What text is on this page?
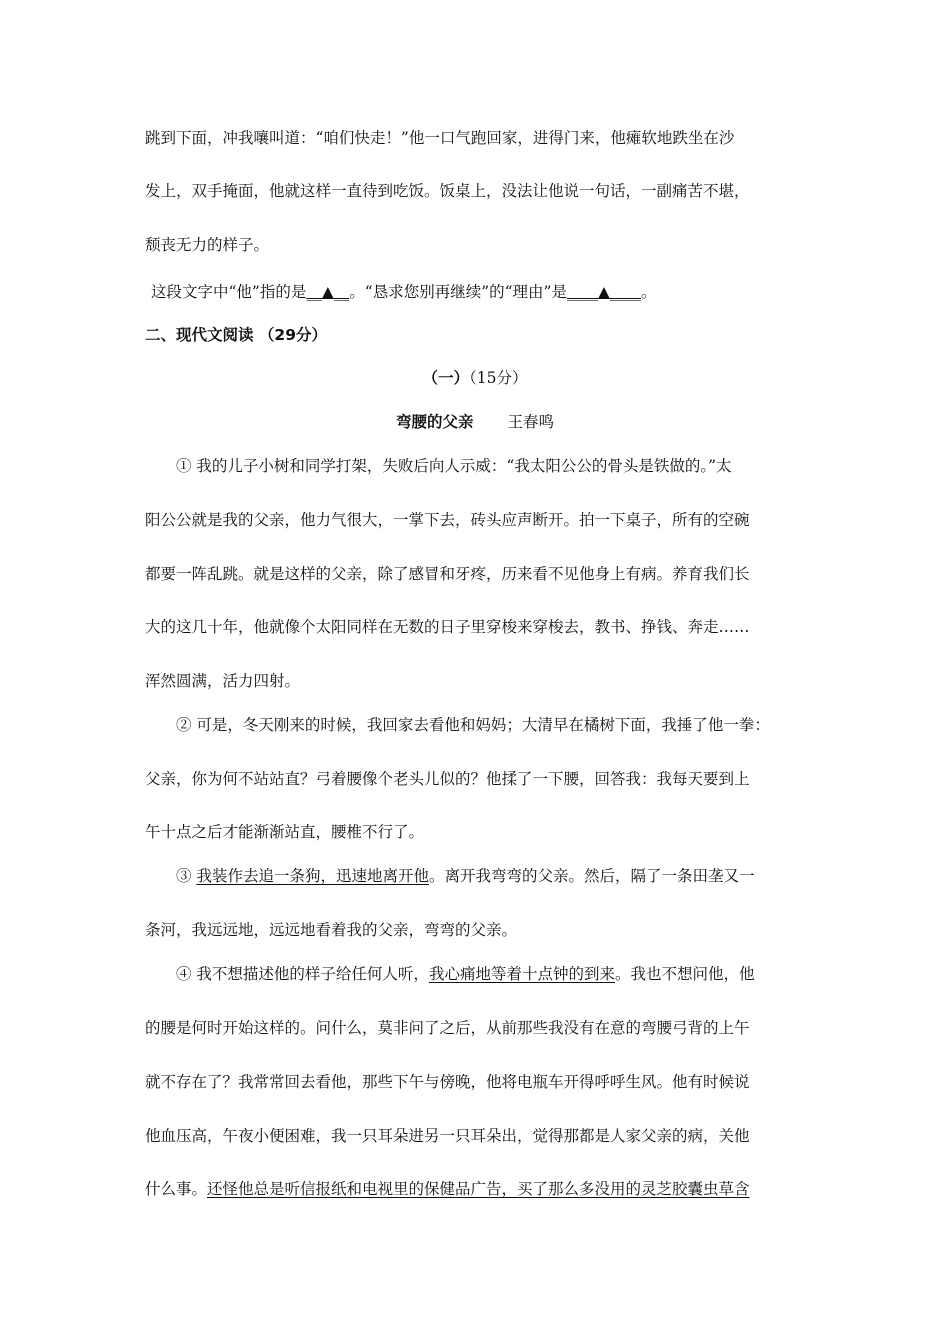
跳到下面，冲我嚷叫道：“咱们快走！”他一口气跑回家，进得门来，他瘫软地跌坐在沙
发上，双手掩面，他就这样一直待到吃饭。饭桌上，没法让他说一句话，一副痛苦不堪，
颓丧无力的样子。
这段文字中“他”指的是__▲__。“恳求您别再继续”的“理由”是____▲____。
二、现代文阅读 （29分）
（一）（15分）
弯腰的父亲 王春鸣
① 我的儿子小树和同学打架，失败后向人示威：“我太阳公公的骨头是铁做的。”太
阳公公就是我的父亲，他力气很大，一掌下去，砖头应声断开。拍一下桌子，所有的空碗
都要一阵乱跳。就是这样的父亲，除了感冒和牙疼，历来看不见他身上有病。养育我们长
大的这几十年，他就像个太阳同样在无数的日子里穿梭来穿梭去，教书、挣钱、奔走……
浑然圆满，活力四射。
② 可是，冬天刚来的时候，我回家去看他和妈妈；大清早在橘树下面，我捶了他一拳：
父亲，你为何不站站直？弓着腰像个老头儿似的？他揉了一下腰，回答我：我每天要到上
午十点之后才能渐渐站直，腰椎不行了。
③ 我装作去追一条狗，迅速地离开他。离开我弯弯的父亲。然后，隔了一条田垄又一
条河，我远远地，远远地看着我的父亲，弯弯的父亲。
④ 我不想描述他的样子给任何人听，我心痛地等着十点钟的到来。我也不想问他，他
的腰是何时开始这样的。问什么，莫非问了之后，从前那些我没有在意的弯腰弓背的上午
就不存在了？我常常回去看他，那些下午与傍晚，他将电瓶车开得呼呼生风。他有时候说
他血压高，午夜小便困难，我一只耳朵进另一只耳朵出，觉得那都是人家父亲的病，关他
什么事。还怪他总是听信报纸和电视里的保健品广告，买了那么多没用的灵芝胶囊虫草含
